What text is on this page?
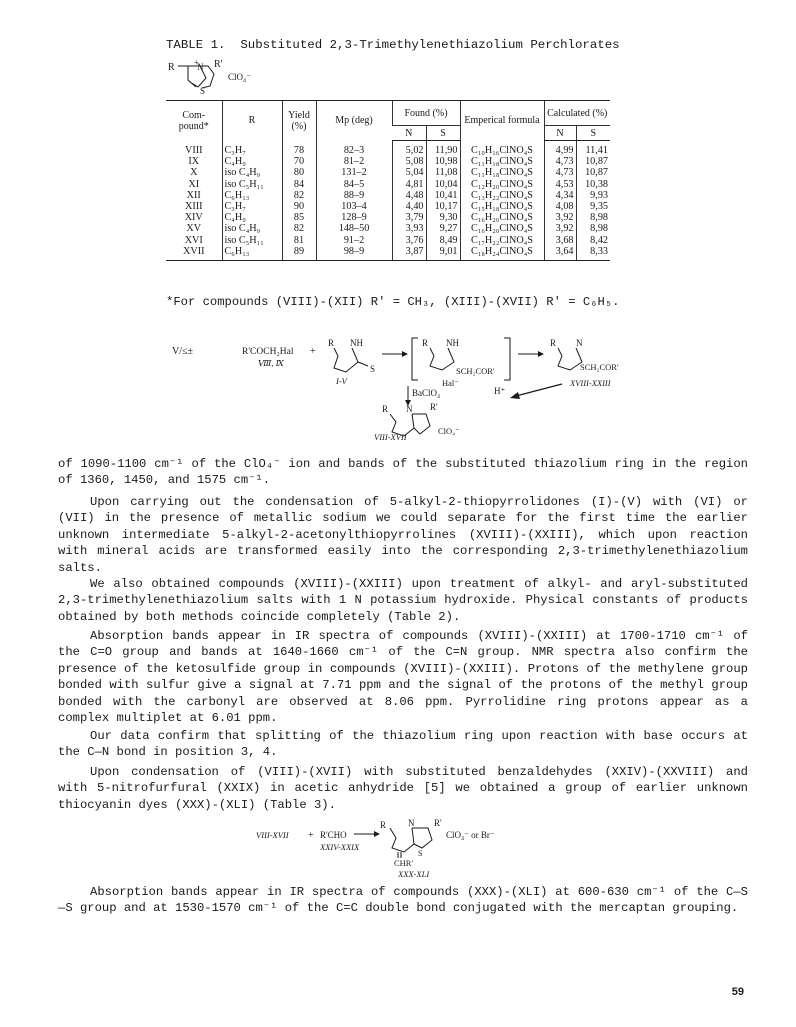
TABLE 1.  Substituted 2,3-Trimethylenethiazolium Perchlorates
R +
N R'
S
ClO₄⁻
Com-pound*	R	Yield (%)	Mp (deg)	Found (%)		Emperical formula	Calculated (%)	
				N	S		N	S
VIII	C₃H₇	78	82–3	5,02	11,90	C₁₀H₁₆ClNO₄S	4,99	11,41
IX	C₄H₉	70	81–2	5,08	10,98	C₁₁H₁₈ClNO₄S	4,73	10,87
X	iso C₄H₉	80	131–2	5,04	11,08	C₁₁H₁₈ClNO₄S	4,73	10,87
XI	iso C₅H₁₁	84	84–5	4,81	10,04	C₁₂H₂₀ClNO₄S	4,53	10,38
XII	C₆H₁₃	82	88–9	4,48	10,41	C₁₃H₂₂ClNO₄S	4,34	9,93
XIII	C₃H₇	90	103–4	4,40	10,17	C₁₅H₁₈ClNO₄S	4,08	9,35
XIV	C₄H₉	85	128–9	3,79	9,30	C₁₆H₂₀ClNO₄S	3,92	8,98
XV	iso C₄H₉	82	148–50	3,93	9,27	C₁₆H₂₀ClNO₄S	3,92	8,98
XVI	iso C₅H₁₁	81	91–2	3,76	8,49	C₁₇H₂₂ClNO₄S	3,68	8,42
XVII	C₆H₁₃	89	98–9	3,87	9,01	C₁₈H₂₄ClNO₄S	3,64	8,33
*For compounds (VIII)-(XII) R' = CH₃, (XIII)-(XVII) R' = C₆H₅.
V/≤±	R'COCH₂Hal
Ⅷ, Ⅸ
+
R NH
S
I-V
R NH
SCH₂COR'
Hal⁻
R N
SCH₂COR'
XVIII-XXIII
H⁺
BaClO₄
R N R'
ClO₄⁻
VIII-XVII

of 1090-1100 cm⁻¹ of the ClO₄⁻ ion and bands of the substituted thiazolium ring in the region of 1360, 1450, and 1575 cm⁻¹.

Upon carrying out the condensation of 5-alkyl-2-thiopyrrolidones (I)-(V) with (VI) or (VII) in the presence of metallic sodium we could separate for the first time the earlier unknown intermediate 5-alkyl-2-acetonylthiopyrrolines (XVIII)-(XXIII), which upon reaction with mineral acids are transformed easily into the corresponding 2,3-trimethylenethiazolium salts.

We also obtained compounds (XVIII)-(XXIII) upon treatment of alkyl- and aryl-substituted 2,3-trimethylenethiazolium salts with 1 N potassium hydroxide. Physical constants of products obtained by both methods coincide completely (Table 2).

Absorption bands appear in IR spectra of compounds (XVIII)-(XXIII) at 1700-1710 cm⁻¹ of the C=O group and bands at 1640-1660 cm⁻¹ of the C=N group. NMR spectra also confirm the presence of the ketosulfide group in compounds (XVIII)-(XXIII). Protons of the methylene group bonded with sulfur give a signal at 7.71 ppm and the signal of the protons of the methyl group bonded with the carbonyl are observed at 8.06 ppm. Pyrrolidine ring protons appear as a complex multiplet at 6.01 ppm.

Our data confirm that splitting of the thiazolium ring upon reaction with base occurs at the C—N bond in position 3, 4.

Upon condensation of (VIII)-(XVII) with substituted benzaldehydes (XXIV)-(XXVIII) and with 5-nitrofurfural (XXIX) in acetic anhydride [5] we obtained a group of earlier unknown thiocyanin dyes (XXX)-(XLI) (Table 3).

VIII-XVII + R'CHO
XXIV-XXIX
R N R'
S
CHR'
ClO₄⁻ or Br⁻
XXX-XLI

Absorption bands appear in IR spectra of compounds (XXX)-(XLI) at 600-630 cm⁻¹ of the C—S—S group and at 1530-1570 cm⁻¹ of the C=C double bond conjugated with the mercaptan grouping.

59
